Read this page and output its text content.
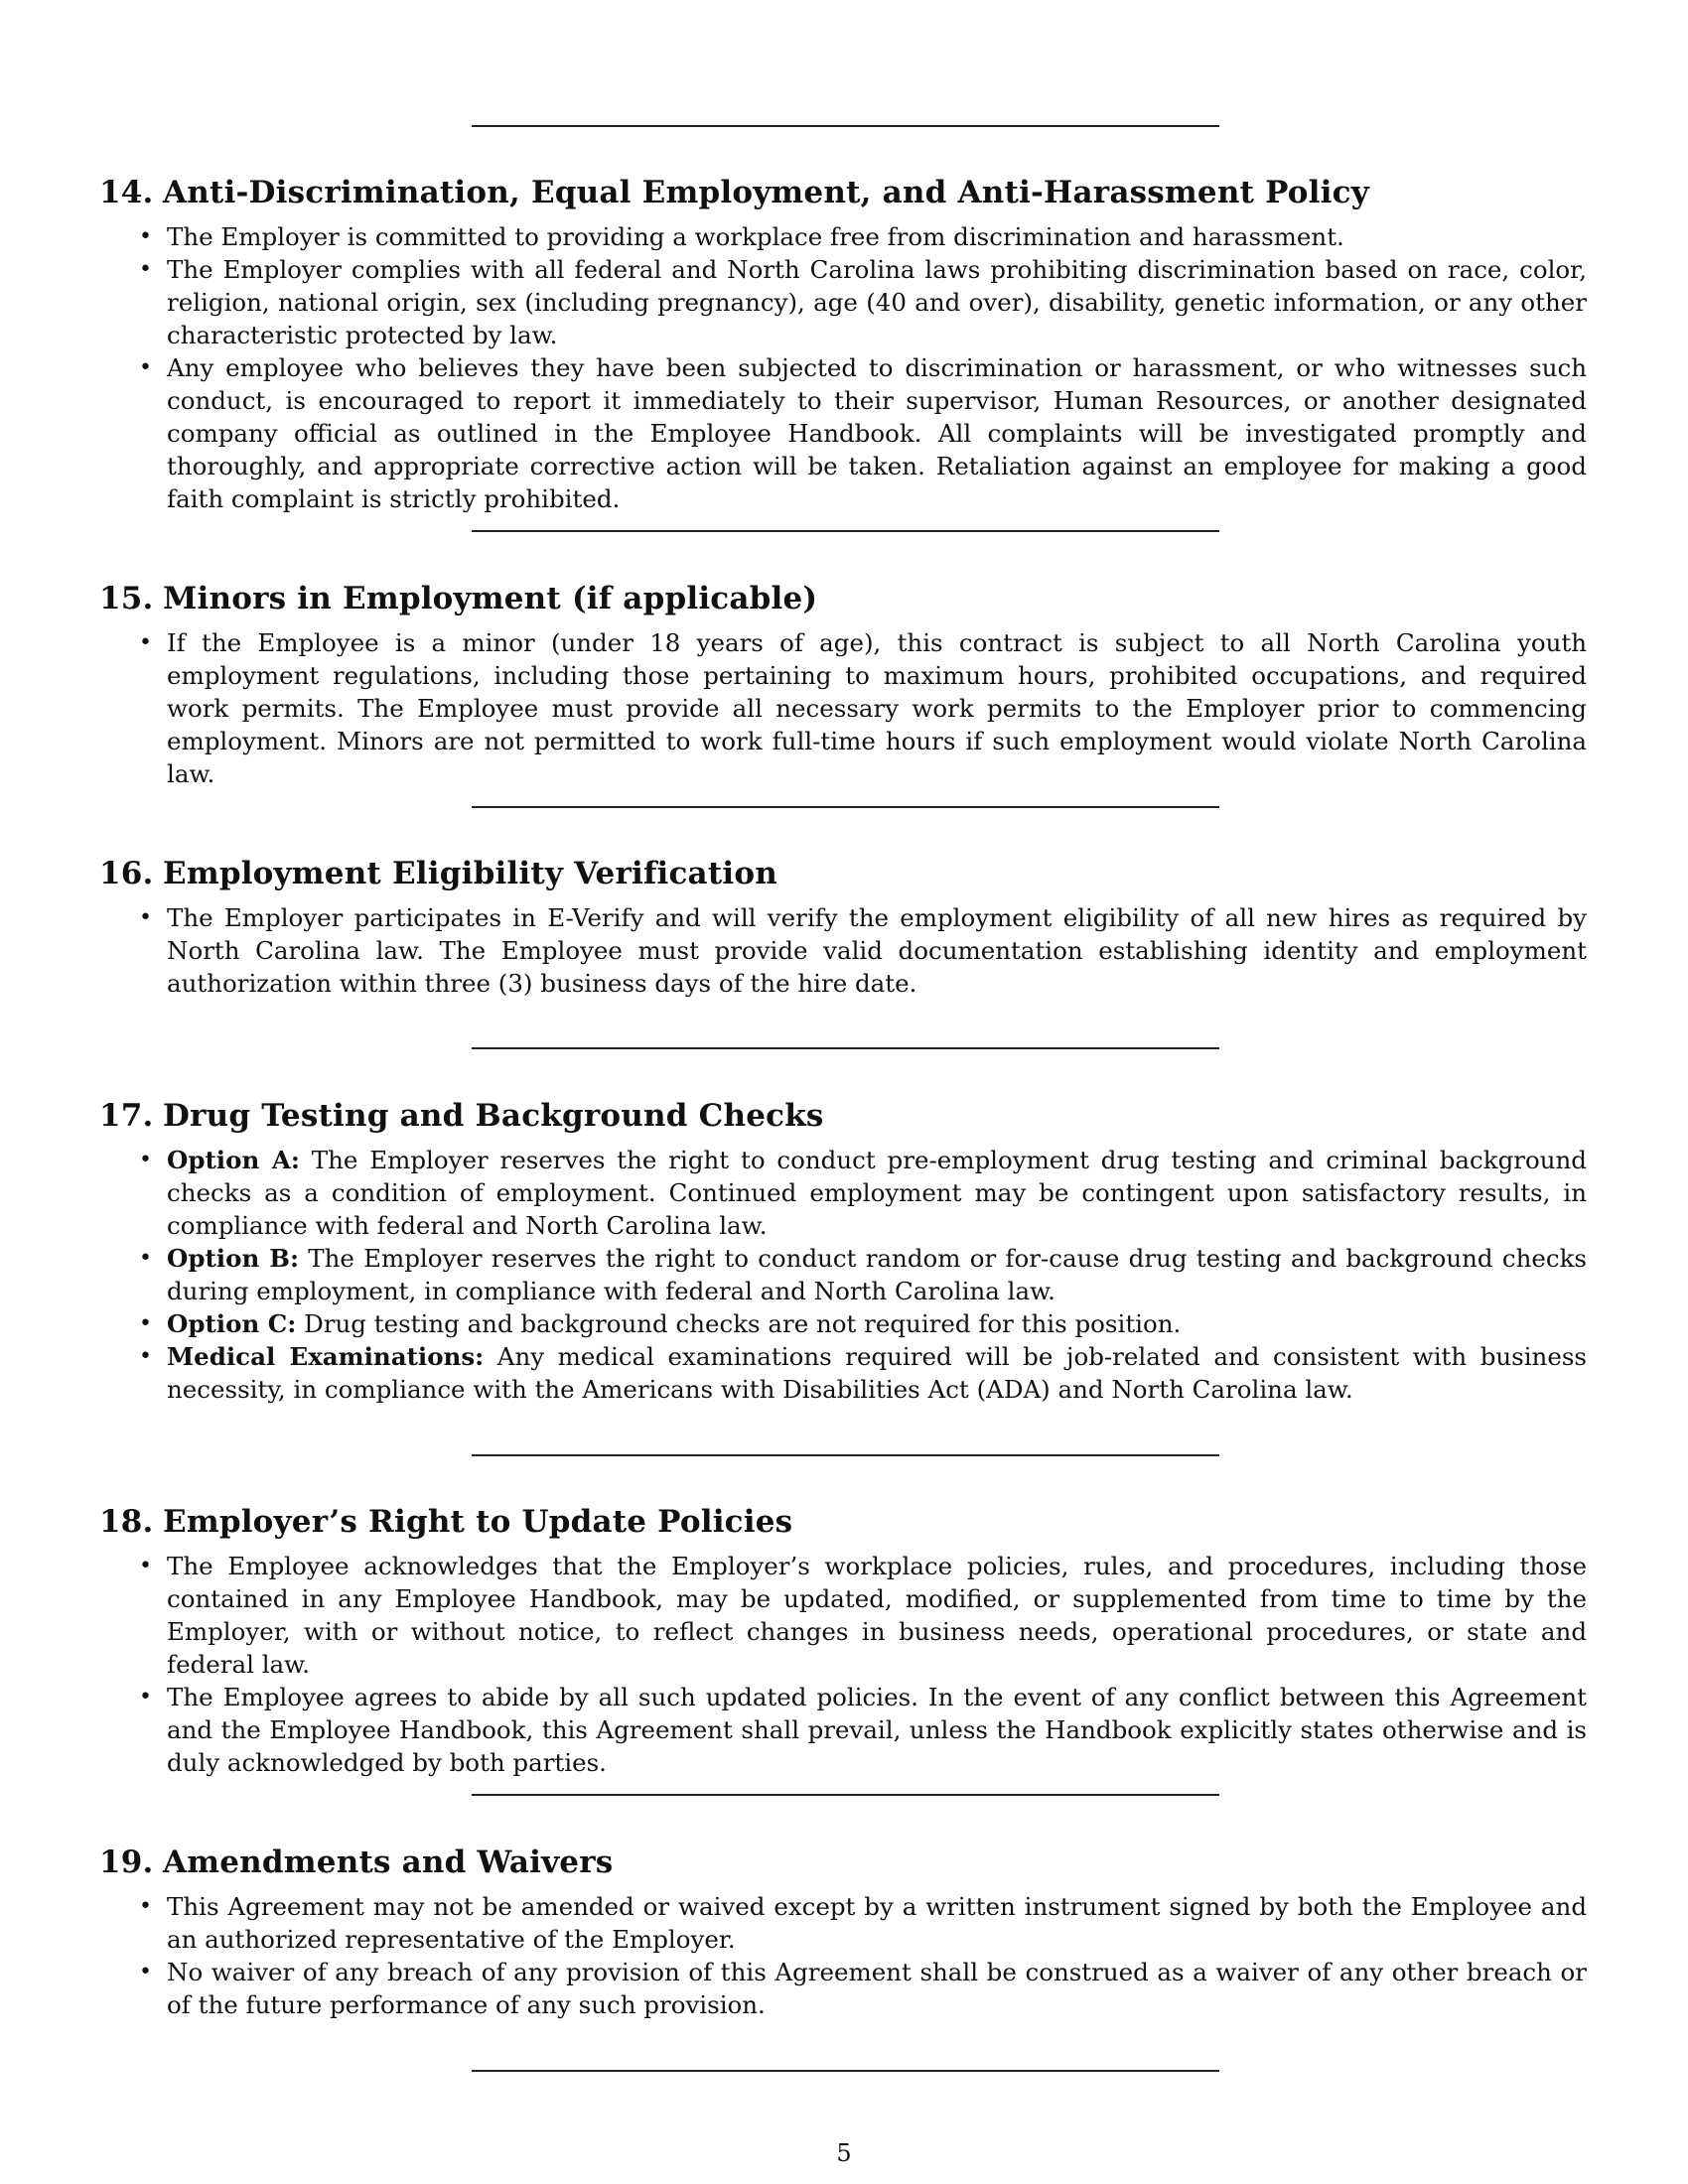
14. Anti-Discrimination, Equal Employment, and Anti-Harassment Policy
• The Employer is committed to providing a workplace free from discrimination and harassment.
• The Employer complies with all federal and North Carolina laws prohibiting discrimination based on race, color, religion, national origin, sex (including pregnancy), age (40 and over), disability, genetic information, or any other characteristic protected by law.
• Any employee who believes they have been subjected to discrimination or harassment, or who witnesses such conduct, is encouraged to report it immediately to their supervisor, Human Resources, or another designated company official as outlined in the Employee Handbook. All complaints will be investigated promptly and thoroughly, and appropriate corrective action will be taken. Retaliation against an employee for making a good faith complaint is strictly prohibited.
15. Minors in Employment (if applicable)
• If the Employee is a minor (under 18 years of age), this contract is subject to all North Carolina youth employment regulations, including those pertaining to maximum hours, prohibited occupations, and required work permits. The Employee must provide all necessary work permits to the Employer prior to commencing employment. Minors are not permitted to work full-time hours if such employment would violate North Carolina law.
16. Employment Eligibility Verification
• The Employer participates in E-Verify and will verify the employment eligibility of all new hires as required by North Carolina law. The Employee must provide valid documentation establishing identity and employment authorization within three (3) business days of the hire date.
17. Drug Testing and Background Checks
• Option A: The Employer reserves the right to conduct pre-employment drug testing and criminal background checks as a condition of employment. Continued employment may be contingent upon satisfactory results, in compliance with federal and North Carolina law.
• Option B: The Employer reserves the right to conduct random or for-cause drug testing and background checks during employment, in compliance with federal and North Carolina law.
• Option C: Drug testing and background checks are not required for this position.
• Medical Examinations: Any medical examinations required will be job-related and consistent with business necessity, in compliance with the Americans with Disabilities Act (ADA) and North Carolina law.
18. Employer’s Right to Update Policies
• The Employee acknowledges that the Employer’s workplace policies, rules, and procedures, including those contained in any Employee Handbook, may be updated, modified, or supplemented from time to time by the Employer, with or without notice, to reflect changes in business needs, operational procedures, or state and federal law.
• The Employee agrees to abide by all such updated policies. In the event of any conflict between this Agreement and the Employee Handbook, this Agreement shall prevail, unless the Handbook explicitly states otherwise and is duly acknowledged by both parties.
19. Amendments and Waivers
• This Agreement may not be amended or waived except by a written instrument signed by both the Employee and an authorized representative of the Employer.
• No waiver of any breach of any provision of this Agreement shall be construed as a waiver of any other breach or of the future performance of any such provision.
5
